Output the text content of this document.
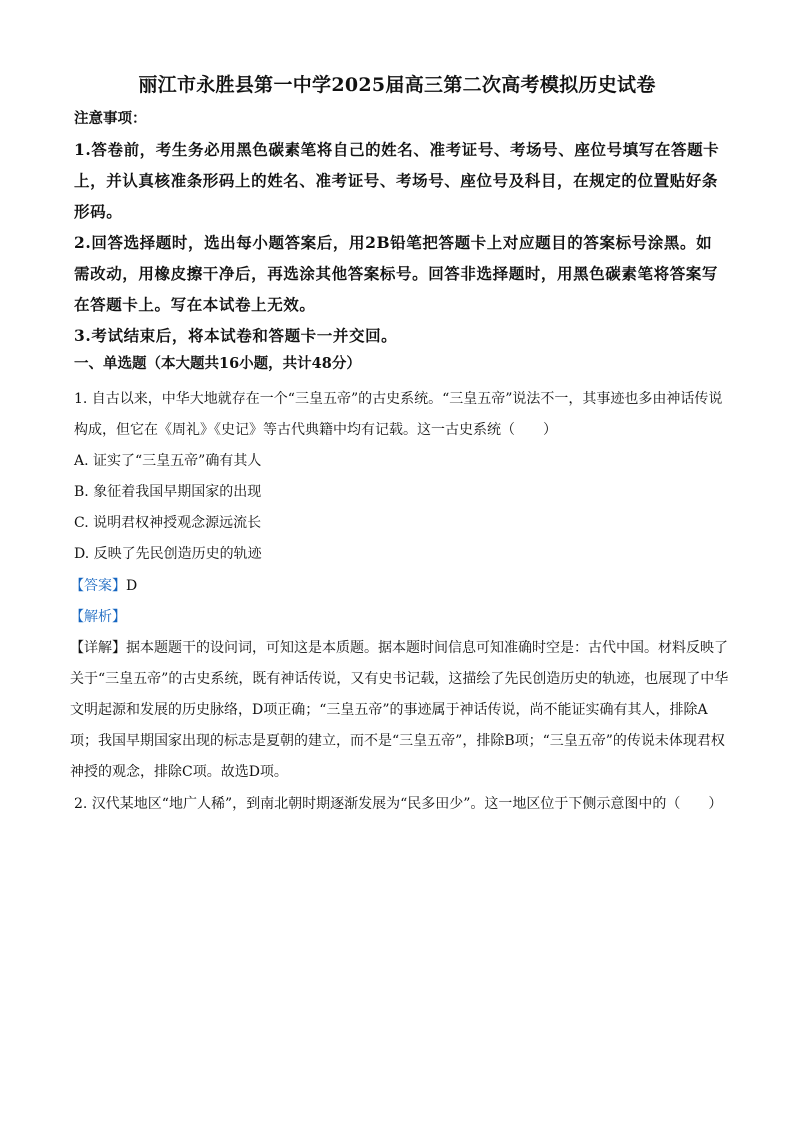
丽江市永胜县第一中学2025届高三第二次高考模拟历史试卷
注意事项：

1.答卷前，考生务必用黑色碳素笔将自己的姓名、准考证号、考场号、座位号填写在答题卡上，并认真核准条形码上的姓名、准考证号、考场号、座位号及科目，在规定的位置贴好条形码。

2.回答选择题时，选出每小题答案后，用2B铅笔把答题卡上对应题目的答案标号涂黑。如需改动，用橡皮擦干净后，再选涂其他答案标号。回答非选择题时，用黑色碳素笔将答案写在答题卡上。写在本试卷上无效。

3.考试结束后，将本试卷和答题卡一并交回。

一、单选题（本大题共16小题，共计48分）

1. 自古以来，中华大地就存在一个“三皇五帝”的古史系统。“三皇五帝”说法不一，其事迹也多由神话传说构成，但它在《周礼》《史记》等古代典籍中均有记载。这一古史系统（　　）

A. 证实了“三皇五帝”确有其人
B. 象征着我国早期国家的出现
C. 说明君权神授观念源远流长
D. 反映了先民创造历史的轨迹
【答案】D
【解析】

【详解】据本题题干的设问词，可知这是本质题。据本题时间信息可知准确时空是：古代中国。材料反映了关于“三皇五帝”的古史系统，既有神话传说，又有史书记载，这描绘了先民创造历史的轨迹，也展现了中华文明起源和发展的历史脉络，D项正确；“三皇五帝”的事迹属于神话传说，尚不能证实确有其人，排除A项；我国早期国家出现的标志是夏朝的建立，而不是“三皇五帝”，排除B项；“三皇五帝”的传说未体现君权神授的观念，排除C项。故选D项。

2. 汉代某地区“地广人稀”，到南北朝时期逐渐发展为“民多田少”。这一地区位于下侧示意图中的（　　）
